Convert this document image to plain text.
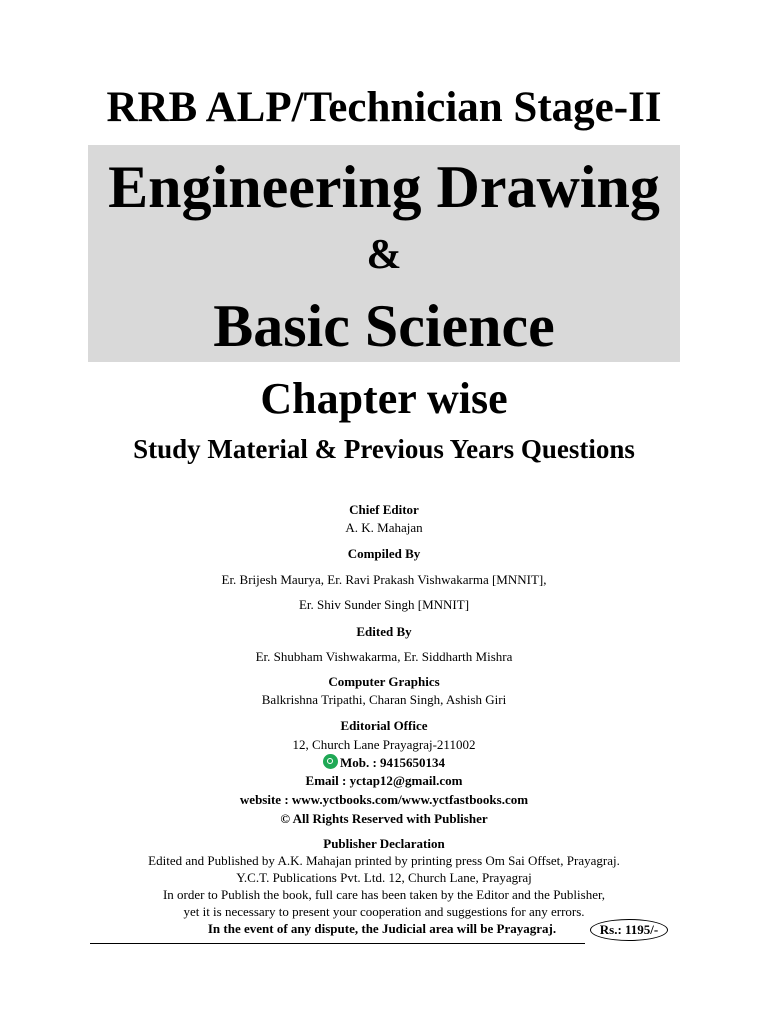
RRB ALP/Technician Stage-II
Engineering Drawing
&
Basic Science
Chapter wise
Study Material & Previous Years Questions
Chief Editor
A. K. Mahajan
Compiled By
Er. Brijesh Maurya, Er. Ravi Prakash Vishwakarma [MNNIT],
Er. Shiv Sunder Singh [MNNIT]
Edited By
Er. Shubham Vishwakarma, Er. Siddharth Mishra
Computer Graphics
Balkrishna Tripathi, Charan Singh, Ashish Giri
Editorial Office
12, Church Lane Prayagraj-211002
Mob. : 9415650134
Email : yctap12@gmail.com
website : www.yctbooks.com/www.yctfastbooks.com
© All Rights Reserved with Publisher
Publisher Declaration
Edited and Published by A.K. Mahajan printed by printing press Om Sai Offset, Prayagraj.
Y.C.T. Publications Pvt. Ltd. 12, Church Lane, Prayagraj
In order to Publish the book, full care has been taken by the Editor and the Publisher,
yet it is necessary to present your cooperation and suggestions for any errors.
In the event of any dispute, the Judicial area will be Prayagraj.	Rs.: 1195/-
